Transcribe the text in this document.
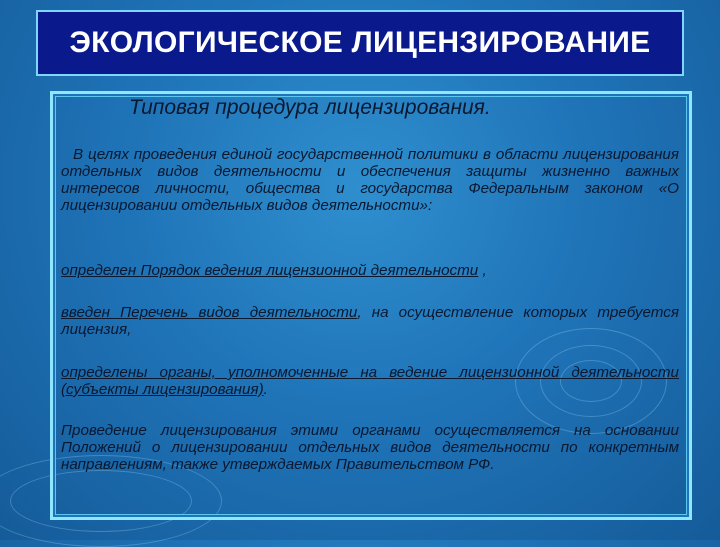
ЭКОЛОГИЧЕСКОЕ ЛИЦЕНЗИРОВАНИЕ
Типовая процедура лицензирования.
В целях проведения единой государственной политики в области лицензирования отдельных видов деятельности и обеспечения защиты жизненно важных интересов личности, общества и государства Федеральным законом «О лицензировании отдельных видов деятельности»:
определен Порядок ведения лицензионной деятельности ,
введен Перечень видов деятельности, на осуществление которых требуется лицензия,
определены органы, уполномоченные на ведение лицензионной деятельности (субъекты лицензирования).
Проведение лицензирования этими органами осуществляется на основании Положений о лицензировании отдельных видов деятельности по конкретным направлениям, также утверждаемых Правительством РФ.
